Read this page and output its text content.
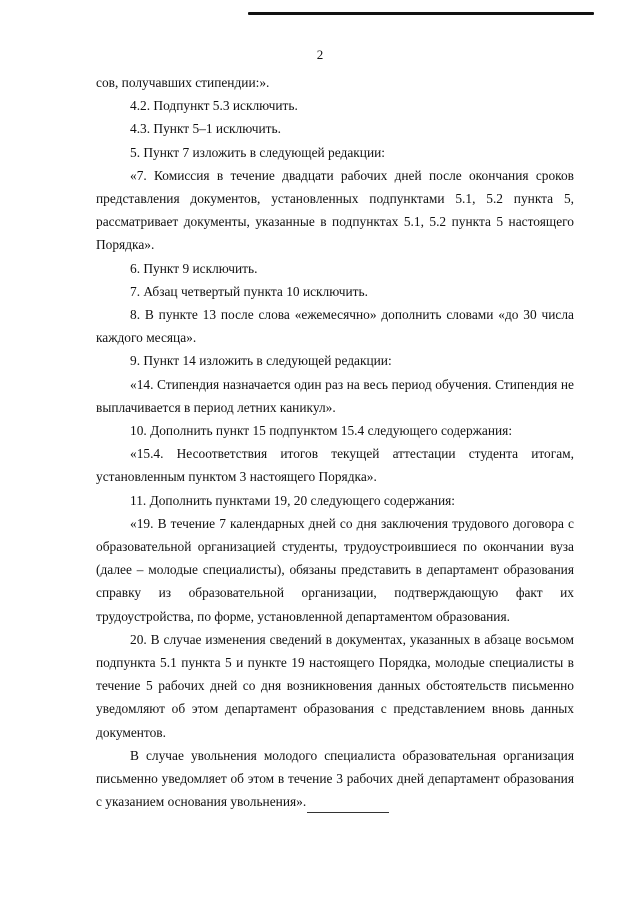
2

сов, получавших стипендии:».

4.2. Подпункт 5.3 исключить.

4.3. Пункт 5–1 исключить.

5. Пункт 7 изложить в следующей редакции:

«7. Комиссия в течение двадцати рабочих дней после окончания сроков представления документов, установленных подпунктами 5.1, 5.2 пункта 5, рассматривает документы, указанные в подпунктах 5.1, 5.2 пункта 5 настоящего Порядка».

6. Пункт 9 исключить.

7. Абзац четвертый пункта 10 исключить.

8. В пункте 13 после слова «ежемесячно» дополнить словами «до 30 числа каждого месяца».

9. Пункт 14 изложить в следующей редакции:

«14. Стипендия назначается один раз на весь период обучения. Стипендия не выплачивается в период летних каникул».

10. Дополнить пункт 15 подпунктом 15.4 следующего содержания:

«15.4. Несоответствия итогов текущей аттестации студента итогам, установленным пунктом 3 настоящего Порядка».

11. Дополнить пунктами 19, 20 следующего содержания:

«19. В течение 7 календарных дней со дня заключения трудового договора с образовательной организацией студенты, трудоустроившиеся по окончании вуза (далее – молодые специалисты), обязаны представить в департамент образования справку из образовательной организации, подтверждающую факт их трудоустройства, по форме, установленной департаментом образования.

20. В случае изменения сведений в документах, указанных в абзаце восьмом подпункта 5.1 пункта 5 и пункте 19 настоящего Порядка, молодые специалисты в течение 5 рабочих дней со дня возникновения данных обстоятельств письменно уведомляют об этом департамент образования с представлением вновь данных документов.

В случае увольнения молодого специалиста образовательная организация письменно уведомляет об этом в течение 3 рабочих дней департамент образования с указанием основания увольнения».
